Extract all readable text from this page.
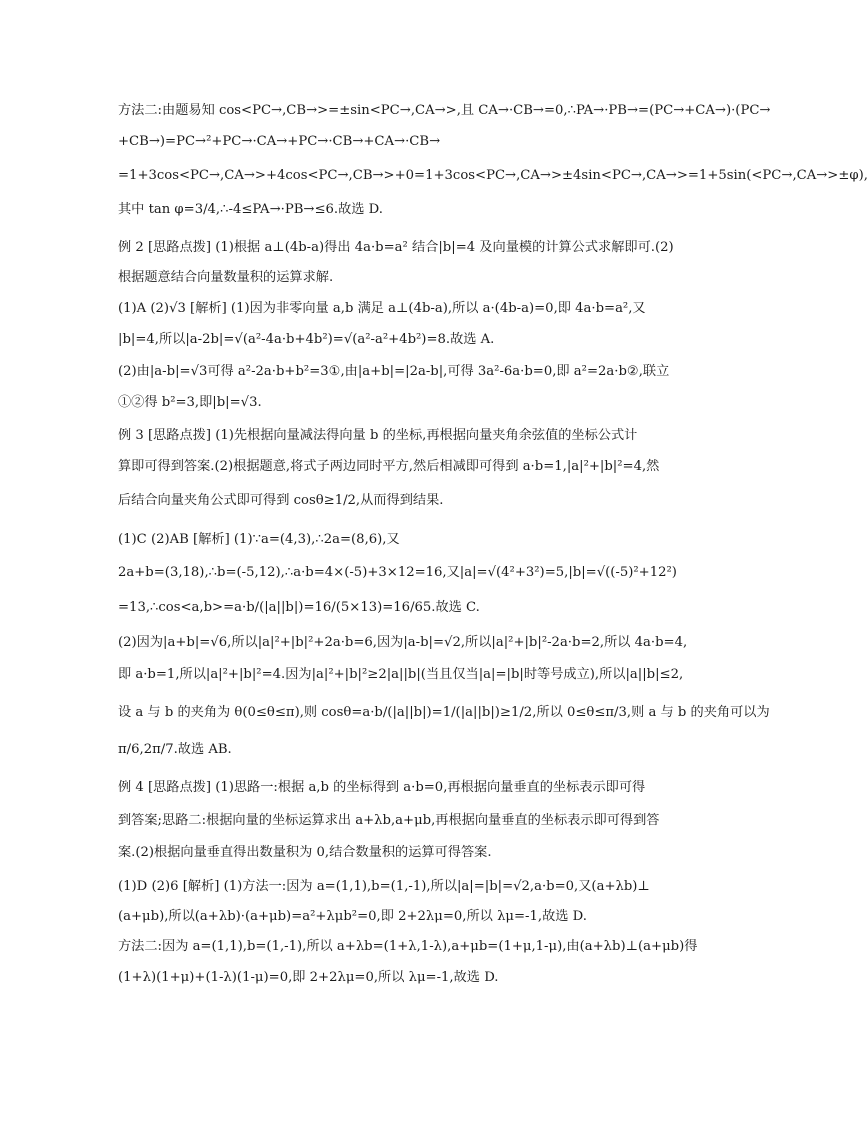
方法二:由题易知 cos<PC→,CB→>=±sin<PC→,CA→>,且 CA→·CB→=0,∴PA→·PB→=(PC→+CA→)·(PC→
+CB→)=PC→²+PC→·CA→+PC→·CB→+CA→·CB→
=1+3cos<PC→,CA→>+4cos<PC→,CB→>+0=1+3cos<PC→,CA→>±4sin<PC→,CA→>=1+5sin(<PC→,CA→>±φ),
其中 tan φ=3/4,∴-4≤PA→·PB→≤6.故选 D.
例 2 [思路点拨] (1)根据 a⊥(4b-a)得出 4a·b=a² 结合|b|=4 及向量模的计算公式求解即可.(2)
根据题意结合向量数量积的运算求解.
(1)A (2)√3 [解析] (1)因为非零向量 a,b 满足 a⊥(4b-a),所以 a·(4b-a)=0,即 4a·b=a²,又
|b|=4,所以|a-2b|=√(a²-4a·b+4b²)=√(a²-a²+4b²)=8.故选 A.
(2)由|a-b|=√3可得 a²-2a·b+b²=3①,由|a+b|=|2a-b|,可得 3a²-6a·b=0,即 a²=2a·b②,联立
①②得 b²=3,即|b|=√3.
例 3 [思路点拨] (1)先根据向量减法得向量 b 的坐标,再根据向量夹角余弦值的坐标公式计
算即可得到答案.(2)根据题意,将式子两边同时平方,然后相减即可得到 a·b=1,|a|²+|b|²=4,然
后结合向量夹角公式即可得到 cosθ≥1/2,从而得到结果.
(1)C (2)AB [解析] (1)∵a=(4,3),∴2a=(8,6),又
2a+b=(3,18),∴b=(-5,12),∴a·b=4×(-5)+3×12=16,又|a|=√(4²+3²)=5,|b|=√((-5)²+12²)
=13,∴cos<a,b>=a·b/(|a||b|)=16/(5×13)=16/65.故选 C.
(2)因为|a+b|=√6,所以|a|²+|b|²+2a·b=6,因为|a-b|=√2,所以|a|²+|b|²-2a·b=2,所以 4a·b=4,
即 a·b=1,所以|a|²+|b|²=4.因为|a|²+|b|²≥2|a||b|(当且仅当|a|=|b|时等号成立),所以|a||b|≤2,
设 a 与 b 的夹角为 θ(0≤θ≤π),则 cosθ=a·b/(|a||b|)=1/(|a||b|)≥1/2,所以 0≤θ≤π/3,则 a 与 b 的夹角可以为
π/6,2π/7.故选 AB.
例 4 [思路点拨] (1)思路一:根据 a,b 的坐标得到 a·b=0,再根据向量垂直的坐标表示即可得
到答案;思路二:根据向量的坐标运算求出 a+λb,a+μb,再根据向量垂直的坐标表示即可得到答
案.(2)根据向量垂直得出数量积为 0,结合数量积的运算可得答案.
(1)D (2)6 [解析] (1)方法一:因为 a=(1,1),b=(1,-1),所以|a|=|b|=√2,a·b=0,又(a+λb)⊥
(a+μb),所以(a+λb)·(a+μb)=a²+λμb²=0,即 2+2λμ=0,所以 λμ=-1,故选 D.
方法二:因为 a=(1,1),b=(1,-1),所以 a+λb=(1+λ,1-λ),a+μb=(1+μ,1-μ),由(a+λb)⊥(a+μb)得
(1+λ)(1+μ)+(1-λ)(1-μ)=0,即 2+2λμ=0,所以 λμ=-1,故选 D.
